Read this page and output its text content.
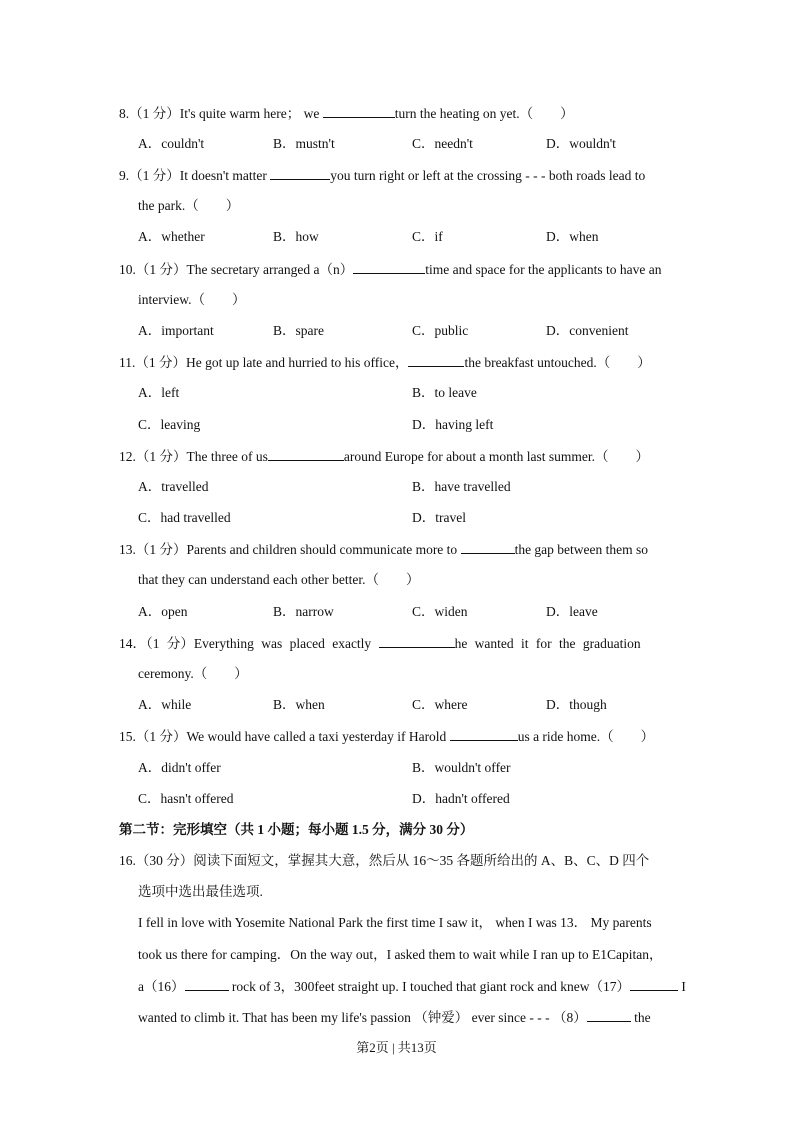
8.（1 分）It's quite warm here； we	turn the heating on yet.（　　）
A．couldn't	B．mustn't	C．needn't	D．wouldn't
9.（1 分）It doesn't matter	you turn right or left at the crossing - - - both roads lead to
the park.（　　）
A．whether	B．how	C．if	D．when
10.（1 分）The secretary arranged a（n）	time and space for the applicants to have an
interview.（　　）
A．important	B．spare	C．public	D．convenient
11.（1 分）He got up late and hurried to his office，	the breakfast untouched.（　　）
A．left	B．to leave
C．leaving	D．having left
12.（1 分）The three of us	around Europe for about a month last summer.（　　）
A．travelled	B．have travelled
C．had travelled	D．travel
13.（1 分）Parents and children should communicate more to	the gap between them so
that they can understand each other better.（　　）
A．open	B．narrow	C．widen	D．leave
14．（1 分）Everything was placed exactly	he wanted it for the graduation
ceremony.（　　）
A．while	B．when	C．where	D．though
15.（1 分）We would have called a taxi yesterday if Harold	us a ride home.（　　）
A．didn't offer	B．wouldn't offer
C．hasn't offered	D．hadn't offered
第二节：完形填空（共 1 小题；每小题 1.5 分，满分 30 分）
16.（30 分）阅读下面短文，掌握其大意，然后从 16～35 各题所给出的 A、B、C、D 四个
选项中选出最佳选项.
I fell in love with Yosemite National Park the first time I saw it， when I was 13． My parents
took us there for camping．On the way out，I asked them to wait while I ran up to E1Capitan，
a（16）	rock of 3，300feet straight up. I touched that giant rock and knew（17）	I
wanted to climb it. That has been my life's passion （钟爱） ever since - - - （8）	the
第2页 | 共13页
